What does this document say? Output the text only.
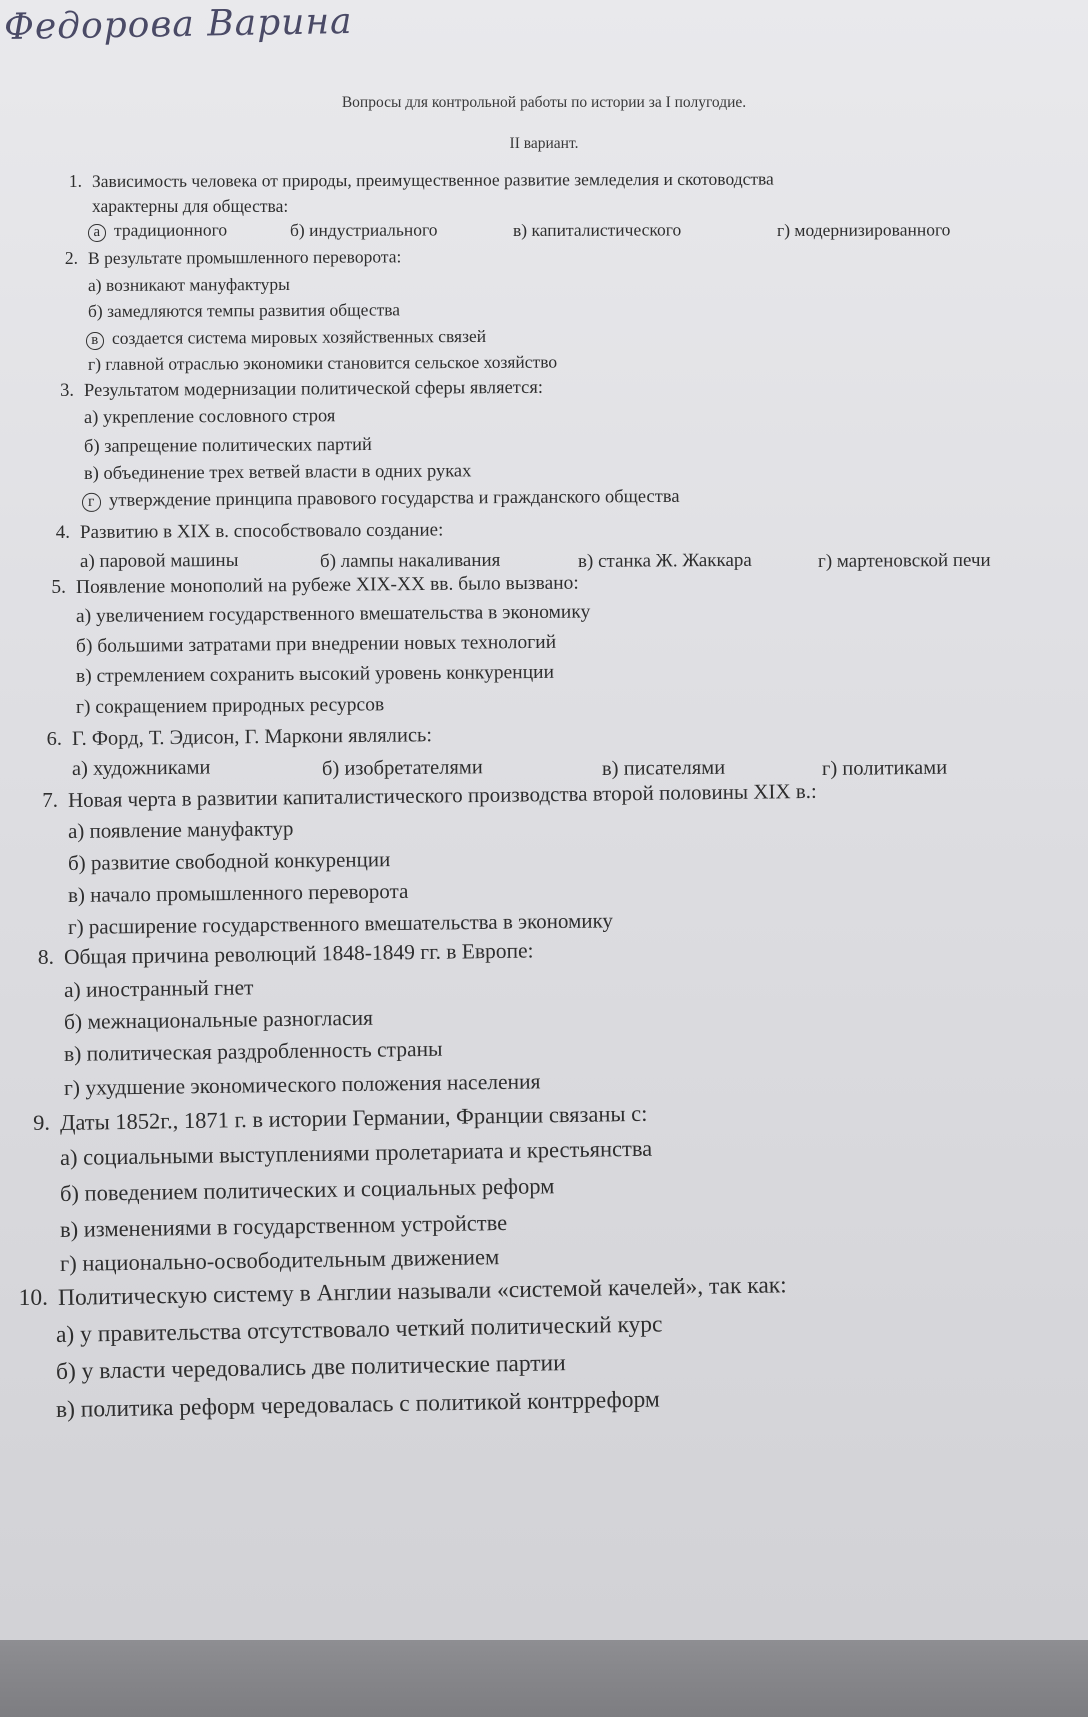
Федорова Варина
Вопросы для контрольной работы по истории за I полугодие.
II вариант.
1. Зависимость человека от природы, преимущественное развитие земледелия и скотоводства
характерны для общества:
а традиционного	б) индустриального	в) капиталистического	г) модернизированного
2. В результате промышленного переворота:
а) возникают мануфактуры
б) замедляются темпы развития общества
в создается система мировых хозяйственных связей
г) главной отраслью экономики становится сельское хозяйство
3. Результатом модернизации политической сферы является:
а) укрепление сословного строя
б) запрещение политических партий
в) объединение трех ветвей власти в одних руках
г утверждение принципа правового государства и гражданского общества
4. Развитию в XIX в. способствовало создание:
а) паровой машины	б) лампы накаливания	в) станка Ж. Жаккара	г) мартеновской печи
5. Появление монополий на рубеже XIX-XX вв. было вызвано:
а) увеличением государственного вмешательства в экономику
б) большими затратами при внедрении новых технологий
в) стремлением сохранить высокий уровень конкуренции
г) сокращением природных ресурсов
6. Г. Форд, Т. Эдисон, Г. Маркони являлись:
а) художниками	б) изобретателями	в) писателями	г) политиками
7. Новая черта в развитии капиталистического производства второй половины XIX в.:
а) появление мануфактур
б) развитие свободной конкуренции
в) начало промышленного переворота
г) расширение государственного вмешательства в экономику
8. Общая причина революций 1848-1849 гг. в Европе:
а) иностранный гнет
б) межнациональные разногласия
в) политическая раздробленность страны
г) ухудшение экономического положения населения
9. Даты 1852г., 1871 г. в истории Германии, Франции связаны с:
а) социальными выступлениями пролетариата и крестьянства
б) поведением политических и социальных реформ
в) изменениями в государственном устройстве
г) национально-освободительным движением
10. Политическую систему в Англии называли «системой качелей», так как:
а) у правительства отсутствовало четкий политический курс
б) у власти чередовались две политические партии
в) политика реформ чередовалась с политикой контрреформ
